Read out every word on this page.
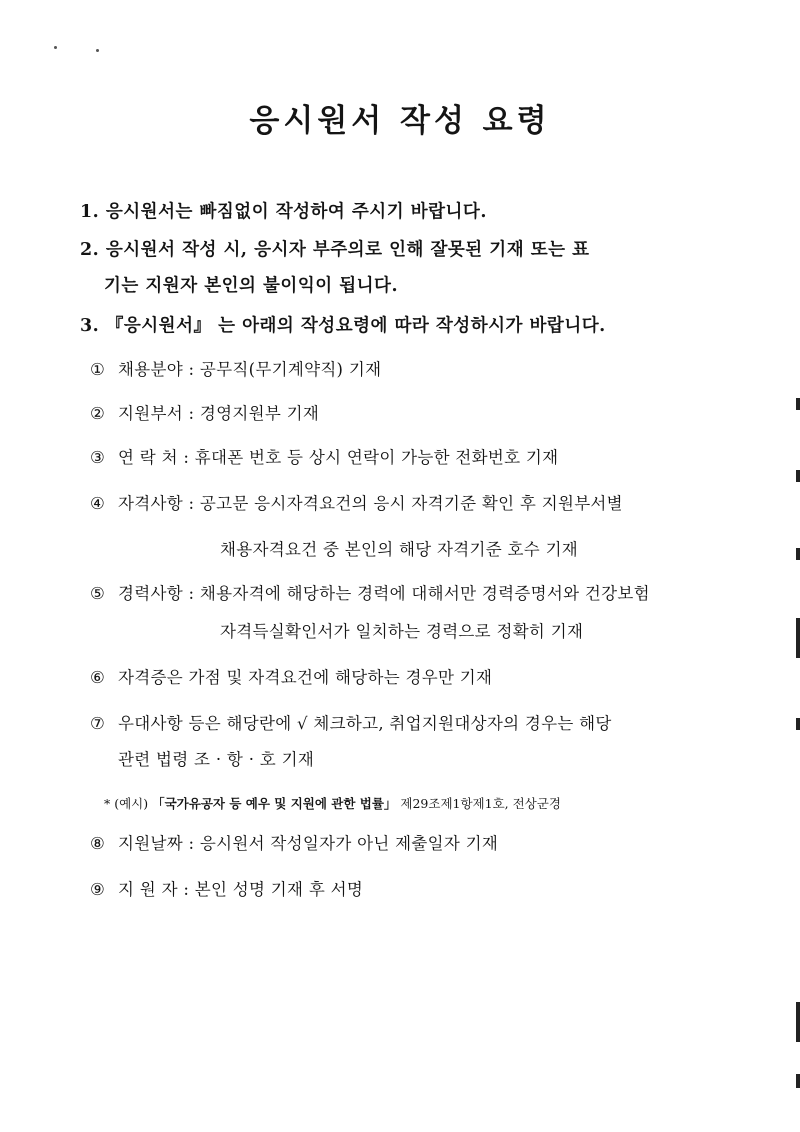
응시원서 작성 요령
1. 응시원서는 빠짐없이 작성하여 주시기 바랍니다.
2. 응시원서 작성 시, 응시자 부주의로 인해 잘못된 기재 또는 표
기는 지원자 본인의 불이익이 됩니다.
3. 『응시원서』 는 아래의 작성요령에 따라 작성하시가 바랍니다.
① 채용분야 : 공무직(무기계약직) 기재
② 지원부서 : 경영지원부 기재
③ 연 락 처 : 휴대폰 번호 등 상시 연락이 가능한 전화번호 기재
④ 자격사항 : 공고문 응시자격요건의 응시 자격기준 확인 후 지원부서별
채용자격요건 중 본인의 해당 자격기준 호수 기재
⑤ 경력사항 : 채용자격에 해당하는 경력에 대해서만 경력증명서와 건강보험
자격득실확인서가 일치하는 경력으로 정확히 기재
⑥ 자격증은 가점 및 자격요건에 해당하는 경우만 기재
⑦ 우대사항 등은 해당란에 √ 체크하고, 취업지원대상자의 경우는 해당
관련 법령 조 · 항 · 호 기재
* (예시) 「국가유공자 등 예우 및 지원에 관한 법률」 제29조제1항제1호, 전상군경
⑧ 지원날짜 : 응시원서 작성일자가 아닌 제출일자 기재
⑨ 지 원 자 : 본인 성명 기재 후 서명
